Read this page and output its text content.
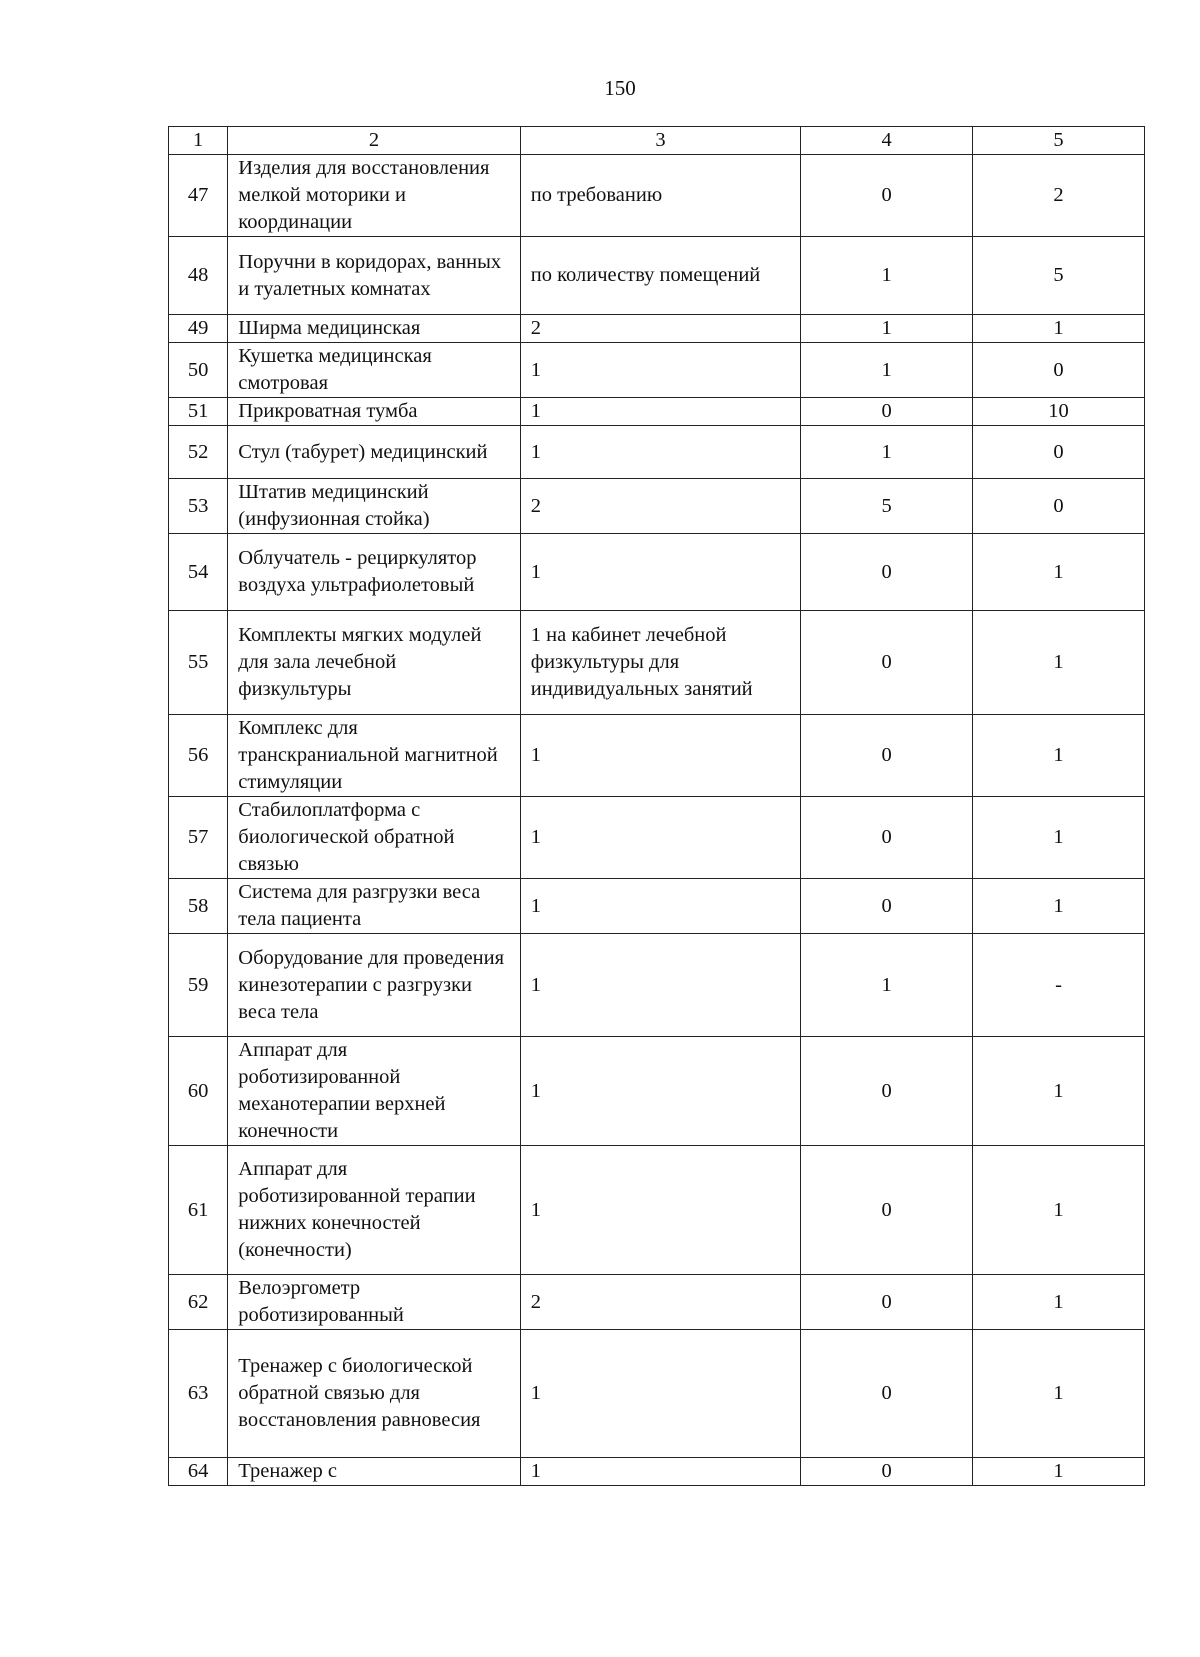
150
1	2	3	4	5
47	Изделия для восстановления мелкой моторики и координации	по требованию	0	2
48	Поручни в коридорах, ванных и туалетных комнатах	по количеству помещений	1	5
49	Ширма медицинская	2	1	1
50	Кушетка медицинская смотровая	1	1	0
51	Прикроватная тумба	1	0	10
52	Стул (табурет) медицинский	1	1	0
53	Штатив медицинский (инфузионная стойка)	2	5	0
54	Облучатель - рециркулятор воздуха ультрафиолетовый	1	0	1
55	Комплекты мягких модулей для зала лечебной физкультуры	1 на кабинет лечебной физкультуры для индивидуальных занятий	0	1
56	Комплекс для транскраниальной магнитной стимуляции	1	0	1
57	Стабилоплатформа с биологической обратной связью	1	0	1
58	Система для разгрузки веса тела пациента	1	0	1
59	Оборудование для проведения кинезотерапии с разгрузки веса тела	1	1	-
60	Аппарат для роботизированной механотерапии верхней конечности	1	0	1
61	Аппарат для роботизированной терапии нижних конечностей (конечности)	1	0	1
62	Велоэргометр роботизированный	2	0	1
63	Тренажер с биологической обратной связью для восстановления равновесия	1	0	1
64	Тренажер с	1	0	1
